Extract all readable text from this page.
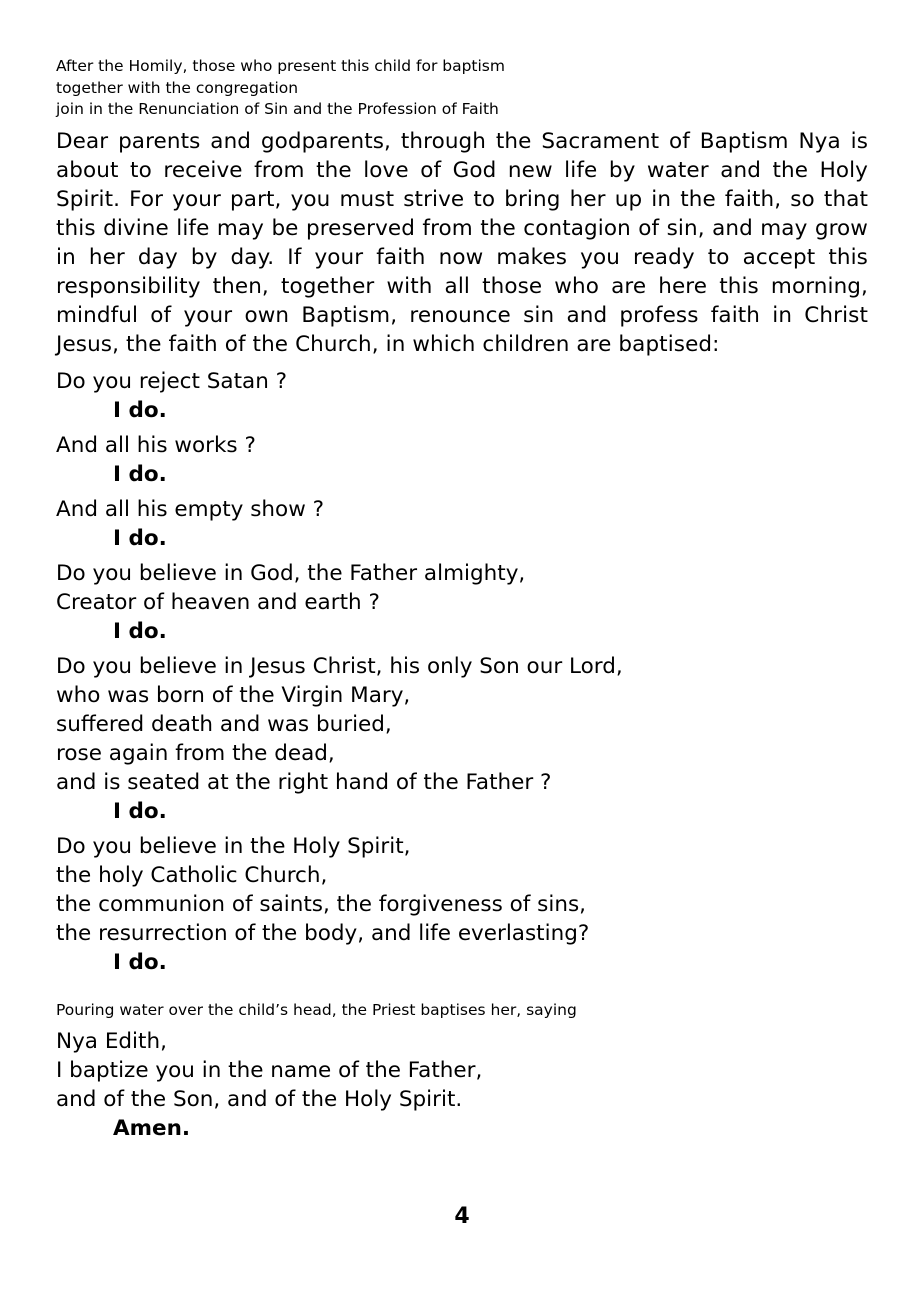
After the Homily, those who present this child for baptism
together with the congregation
join in the Renunciation of Sin and the Profession of Faith
Dear parents and godparents, through the Sacrament of Baptism Nya is about to receive from the love of God new life by water and the Holy Spirit. For your part, you must strive to bring her up in the faith, so that this divine life may be preserved from the contagion of sin, and may grow in her day by day. If your faith now makes you ready to accept this responsibility then, together with all those who are here this morning, mindful of your own Baptism, renounce sin and profess faith in Christ Jesus, the faith of the Church, in which children are baptised:
Do you reject Satan ?
I do.
And all his works ?
I do.
And all his empty show ?
I do.
Do you believe in God, the Father almighty,
Creator of heaven and earth ?
I do.
Do you believe in Jesus Christ, his only Son our Lord,
who was born of the Virgin Mary,
suffered death and was buried,
rose again from the dead,
and is seated at the right hand of the Father ?
I do.
Do you believe in the Holy Spirit,
the holy Catholic Church,
the communion of saints, the forgiveness of sins,
the resurrection of the body, and life everlasting?
I do.
Pouring water over the child’s head, the Priest baptises her, saying
Nya Edith,
I baptize you in the name of the Father,
and of the Son, and of the Holy Spirit.
Amen.
4
